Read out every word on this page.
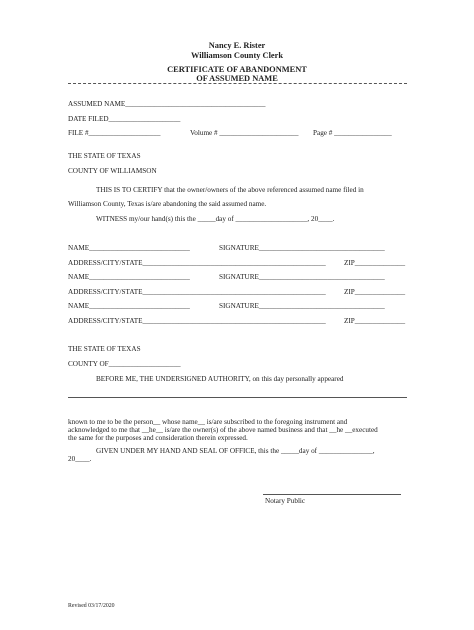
Nancy E. Rister
Williamson County Clerk
CERTIFICATE OF ABANDONMENT
OF ASSUMED NAME
ASSUMED NAME_______________________________________
DATE FILED____________________
FILE #____________________	Volume # ______________________ Page # ________________
THE STATE OF TEXAS
COUNTY OF WILLIAMSON
THIS IS TO CERTIFY that the owner/owners of the above referenced assumed name filed in
Williamson County, Texas is/are abandoning the said assumed name.
WITNESS my/our hand(s) this the _____day of ____________________, 20____.
NAME____________________________	SIGNATURE___________________________________
ADDRESS/CITY/STATE___________________________________________________	ZIP______________
NAME____________________________	SIGNATURE___________________________________
ADDRESS/CITY/STATE___________________________________________________	ZIP______________
NAME____________________________	SIGNATURE___________________________________
ADDRESS/CITY/STATE___________________________________________________	ZIP______________
THE STATE OF TEXAS
COUNTY OF____________________
BEFORE ME, THE UNDERSIGNED AUTHORITY, on this day personally appeared
known to me to be the person__ whose name__ is/are subscribed to the foregoing instrument and
acknowledged to me that __he__ is/are the owner(s) of the above named business and that __he __executed
the same for the purposes and consideration therein expressed.
GIVEN UNDER MY HAND AND SEAL OF OFFICE, this the _____day of _______________,
20____.
Notary Public
Revised 03/17/2020
